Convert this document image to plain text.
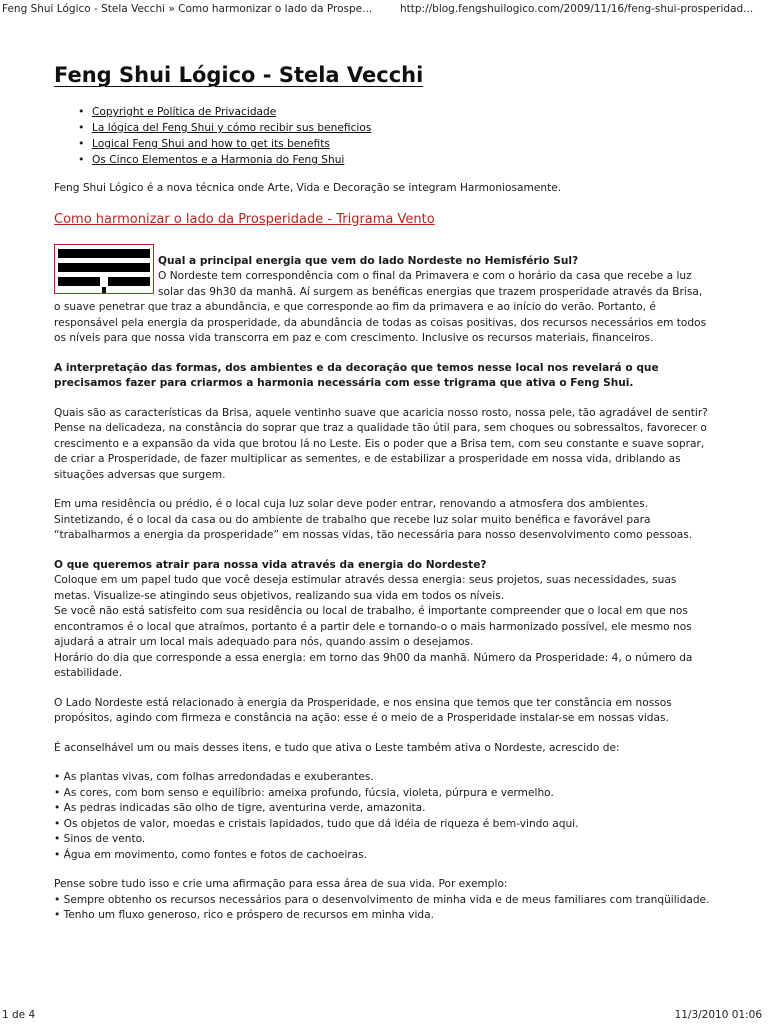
Feng Shui Lógico - Stela Vecchi » Como harmonizar o lado da Prospe...	http://blog.fengshuilogico.com/2009/11/16/feng-shui-prosperidad...
Feng Shui Lógico - Stela Vecchi
• Copyright e Política de Privacidade
• La lógica del Feng Shui y cómo recibir sus beneficios
• Logical Feng Shui and how to get its benefits
• Os Cinco Elementos e a Harmonia do Feng Shui

Feng Shui Lógico é a nova técnica onde Arte, Vida e Decoração se integram Harmoniosamente.

Como harmonizar o lado da Prosperidade - Trigrama Vento

Qual a principal energia que vem do lado Nordeste no Hemisfério Sul?

O Nordeste tem correspondência com o final da Primavera e com o horário da casa que recebe a luz solar das 9h30 da manhã. Aí surgem as benéficas energias que trazem prosperidade através da Brisa,

o suave penetrar que traz a abundância, e que corresponde ao fim da primavera e ao início do verão. Portanto, é responsável pela energia da prosperidade, da abundância de todas as coisas positivas, dos recursos necessários em todos os níveis para que nossa vida transcorra em paz e com crescimento. Inclusive os recursos materiais, financeiros.

A interpretação das formas, dos ambientes e da decoração que temos nesse local nos revelará o que precisamos fazer para criarmos a harmonia necessária com esse trigrama que ativa o Feng Shui.

Quais são as características da Brisa, aquele ventinho suave que acaricia nosso rosto, nossa pele, tão agradável de sentir?

Pense na delicadeza, na constância do soprar que traz a qualidade tão útil para, sem choques ou sobressaltos, favorecer o crescimento e a expansão da vida que brotou lá no Leste. Eis o poder que a Brisa tem, com seu constante e suave soprar, de criar a Prosperidade, de fazer multiplicar as sementes, e de estabilizar a prosperidade em nossa vida, driblando as situações adversas que surgem.

Em uma residência ou prédio, é o local cuja luz solar deve poder entrar, renovando a atmosfera dos ambientes.

Sintetizando, é o local da casa ou do ambiente de trabalho que recebe luz solar muito benéfica e favorável para “trabalharmos a energia da prosperidade” em nossas vidas, tão necessária para nosso desenvolvimento como pessoas.

O que queremos atrair para nossa vida através da energia do Nordeste?

Coloque em um papel tudo que você deseja estimular através dessa energia: seus projetos, suas necessidades, suas metas. Visualize-se atingindo seus objetivos, realizando sua vida em todos os níveis.

Se você não está satisfeito com sua residência ou local de trabalho, é importante compreender que o local em que nos encontramos é o local que atraímos, portanto é a partir dele e tornando-o o mais harmonizado possível, ele mesmo nos ajudará a atrair um local mais adequado para nós, quando assim o desejamos.

Horário do dia que corresponde a essa energia: em torno das 9h00 da manhã. Número da Prosperidade: 4, o número da estabilidade.

O Lado Nordeste está relacionado à energia da Prosperidade, e nos ensina que temos que ter constância em nossos propósitos, agindo com firmeza e constância na ação: esse é o meio de a Prosperidade instalar-se em nossas vidas.

É aconselhável um ou mais desses itens, e tudo que ativa o Leste também ativa o Nordeste, acrescido de:

• As plantas vivas, com folhas arredondadas e exuberantes.

• As cores, com bom senso e equilíbrio: ameixa profundo, fúcsia, violeta, púrpura e vermelho.

• As pedras indicadas são olho de tigre, aventurina verde, amazonita.

• Os objetos de valor, moedas e cristais lapidados, tudo que dá idéia de riqueza é bem-vindo aqui.

• Sinos de vento.

• Água em movimento, como fontes e fotos de cachoeiras.

Pense sobre tudo isso e crie uma afirmação para essa área de sua vida. Por exemplo:

• Sempre obtenho os recursos necessários para o desenvolvimento de minha vida e de meus familiares com tranqüilidade.

• Tenho um fluxo generoso, rico e próspero de recursos em minha vida.

1 de 4	11/3/2010 01:06
